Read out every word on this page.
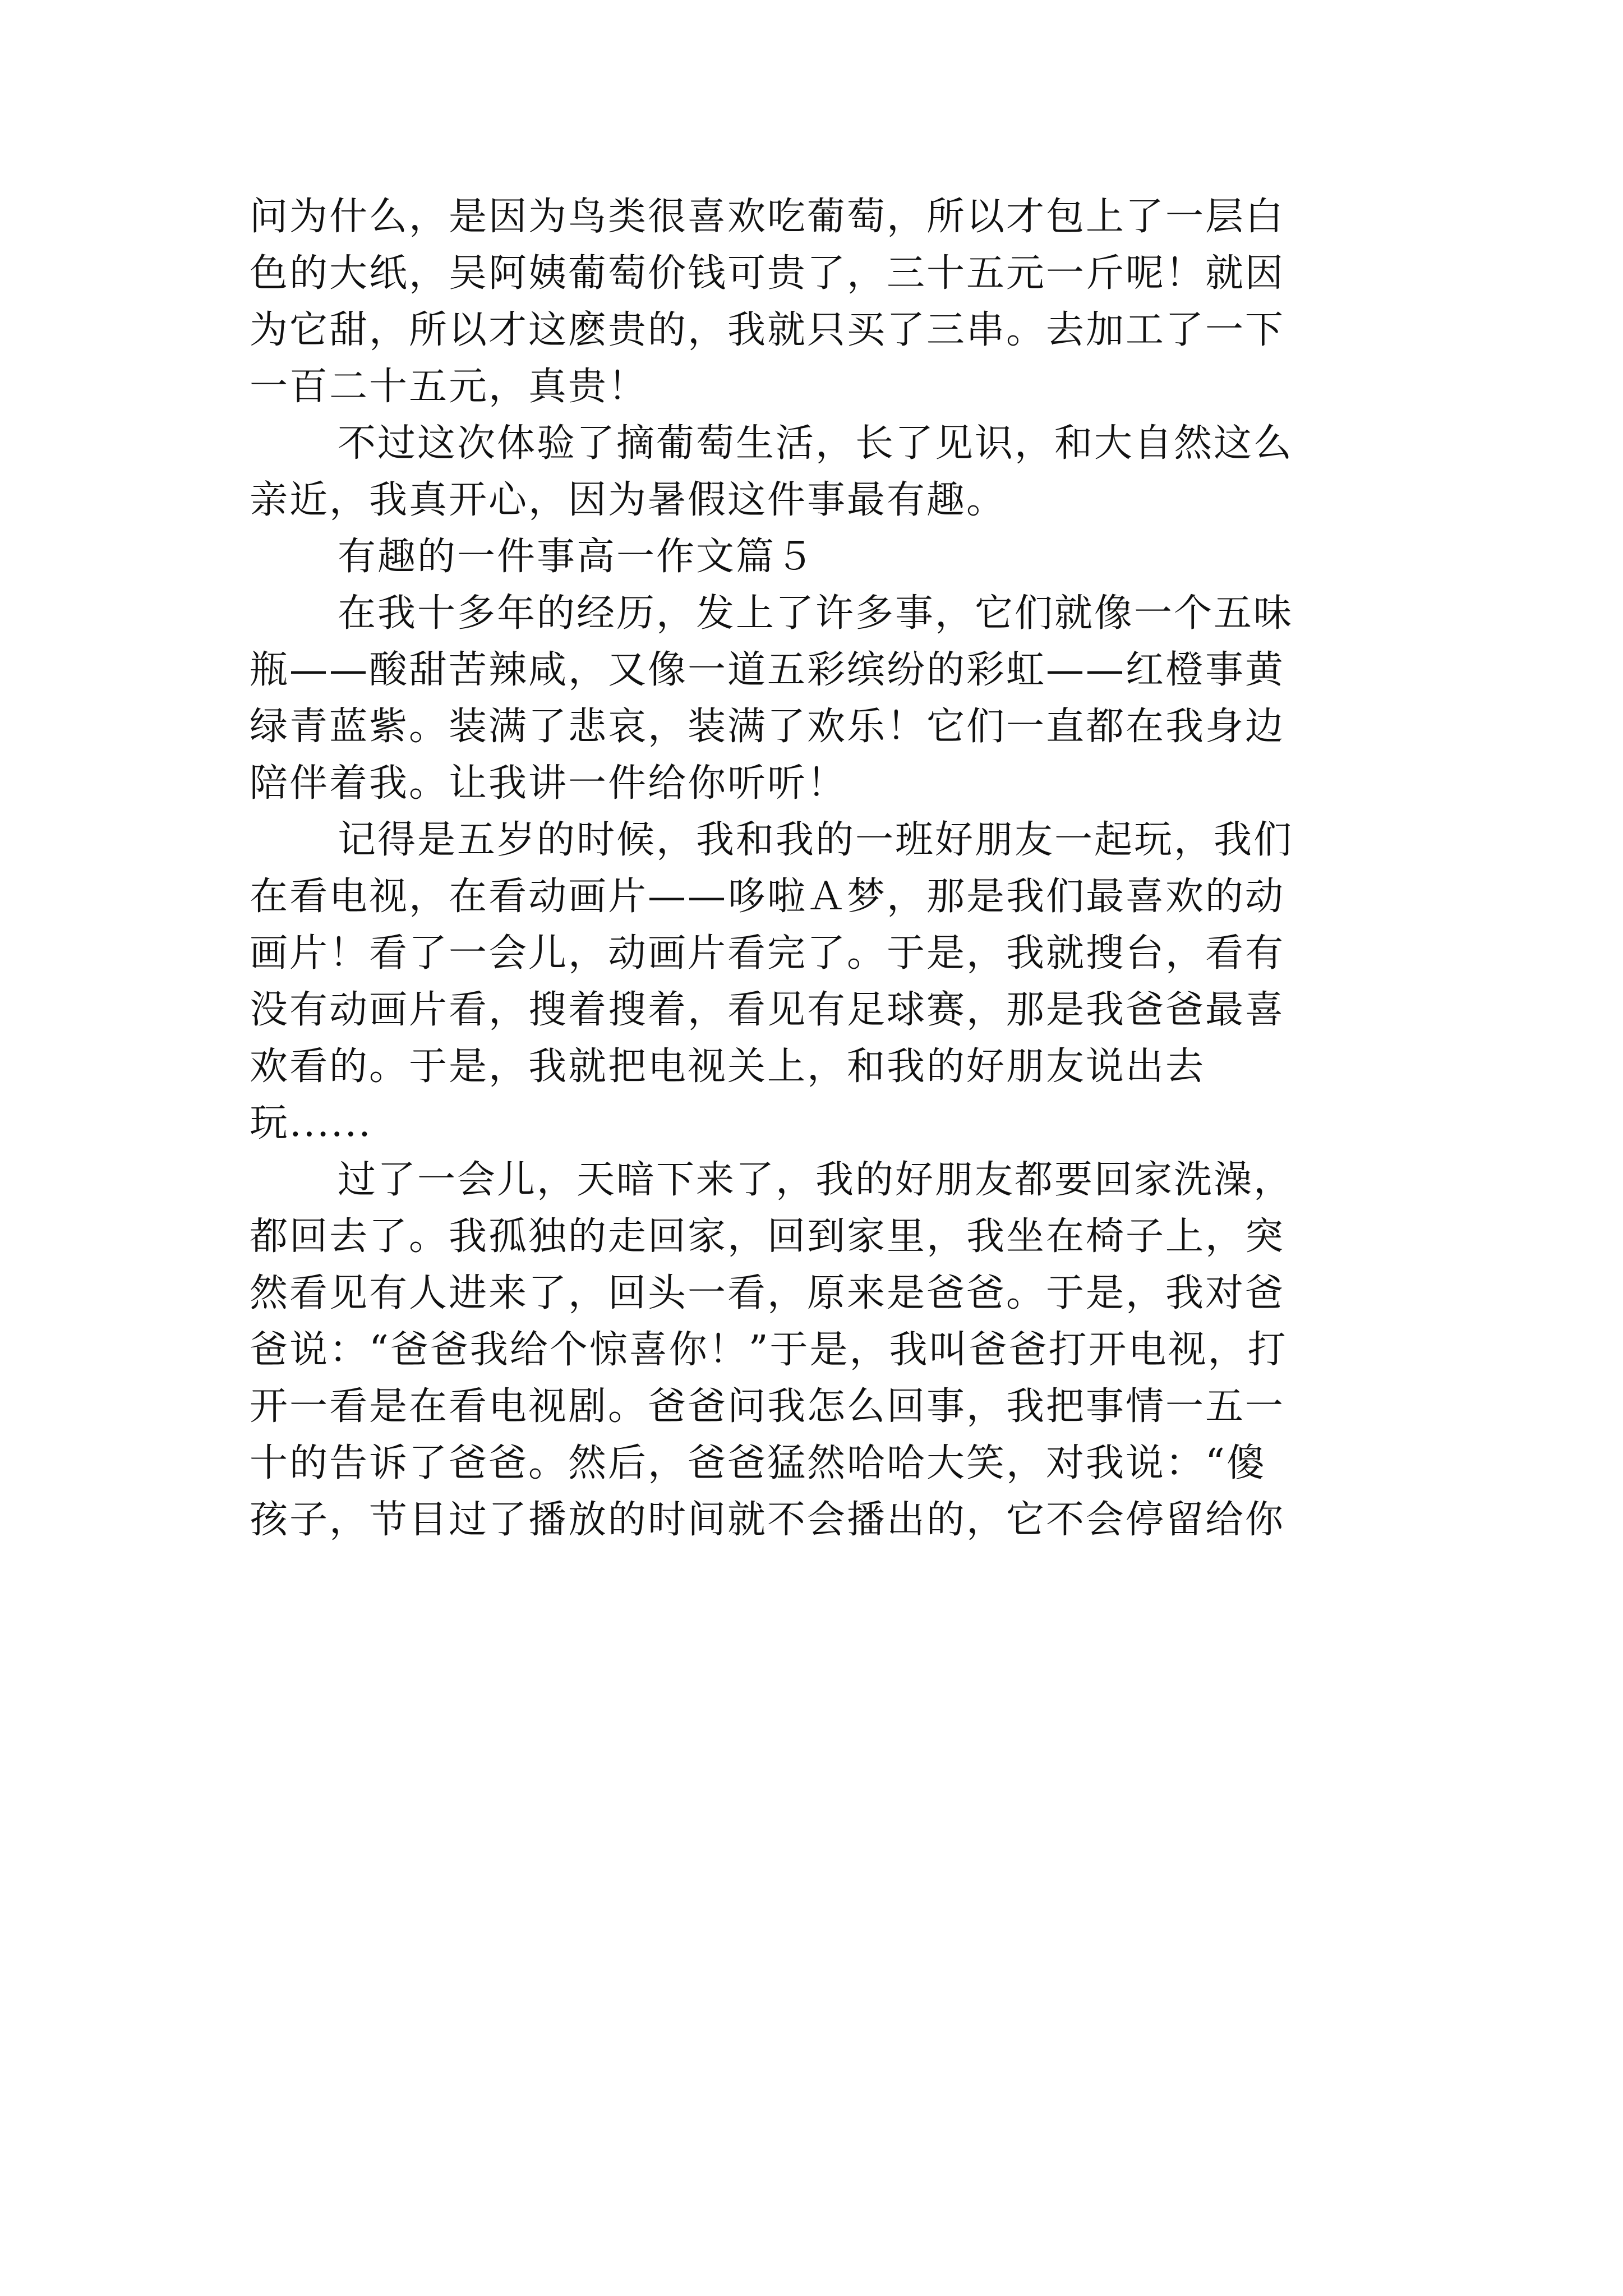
问为什么，是因为鸟类很喜欢吃葡萄，所以才包上了一层白
色的大纸，吴阿姨葡萄价钱可贵了，三十五元一斤呢！就因
为它甜，所以才这麽贵的，我就只买了三串。去加工了一下
一百二十五元，真贵！
不过这次体验了摘葡萄生活，长了见识，和大自然这么
亲近，我真开心，因为暑假这件事最有趣。
有趣的一件事高一作文篇５
在我十多年的经历，发上了许多事，它们就像一个五味
瓶——酸甜苦辣咸，又像一道五彩缤纷的彩虹——红橙事黄
绿青蓝紫。装满了悲哀，装满了欢乐！它们一直都在我身边
陪伴着我。让我讲一件给你听听！
记得是五岁的时候，我和我的一班好朋友一起玩，我们
在看电视，在看动画片——哆啦Ａ梦，那是我们最喜欢的动
画片！看了一会儿，动画片看完了。于是，我就搜台，看有
没有动画片看，搜着搜着，看见有足球赛，那是我爸爸最喜
欢看的。于是，我就把电视关上，和我的好朋友说出去
玩......
过了一会儿，天暗下来了，我的好朋友都要回家洗澡，
都回去了。我孤独的走回家，回到家里，我坐在椅子上，突
然看见有人进来了，回头一看，原来是爸爸。于是，我对爸
爸说：“爸爸我给个惊喜你！”于是，我叫爸爸打开电视，打
开一看是在看电视剧。爸爸问我怎么回事，我把事情一五一
十的告诉了爸爸。然后，爸爸猛然哈哈大笑，对我说：“傻
孩子，节目过了播放的时间就不会播出的，它不会停留给你
